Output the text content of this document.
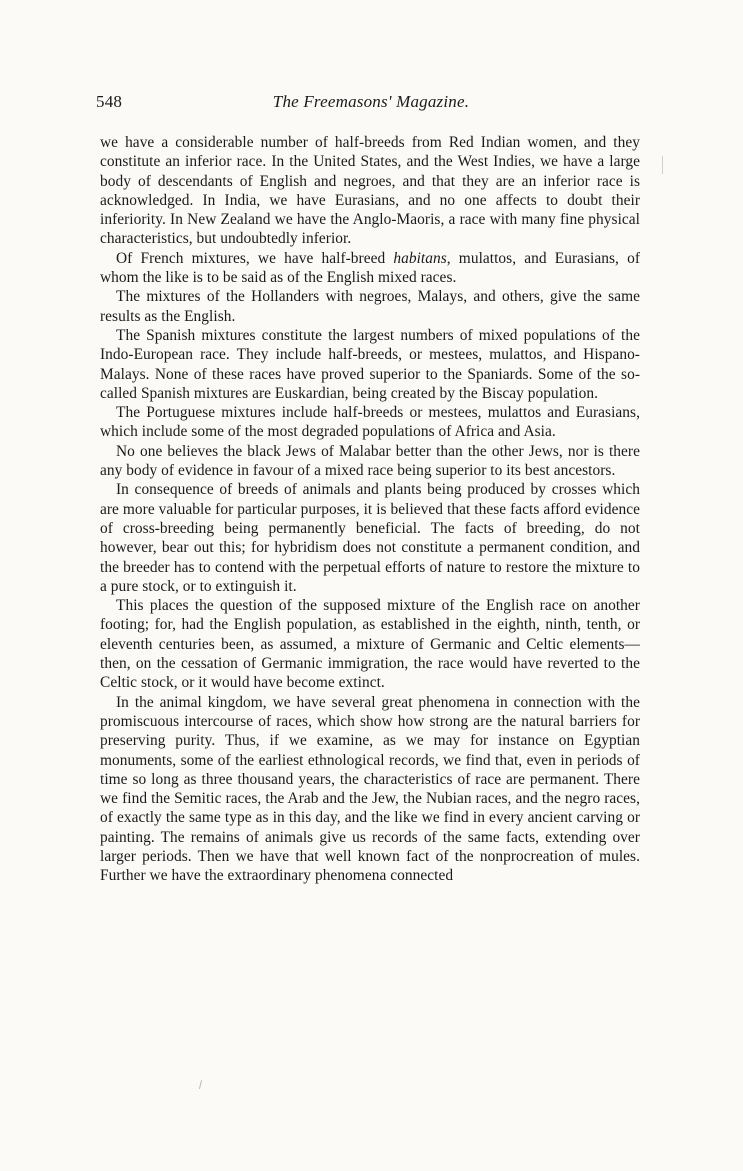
548	The Freemasons' Magazine.

we have a considerable number of half-breeds from Red Indian women, and they constitute an inferior race. In the United States, and the West Indies, we have a large body of descendants of English and negroes, and that they are an inferior race is acknowledged. In India, we have Eurasians, and no one affects to doubt their inferiority. In New Zealand we have the Anglo-Maoris, a race with many fine physical characteristics, but undoubtedly inferior.

Of French mixtures, we have half-breed habitans, mulattos, and Eurasians, of whom the like is to be said as of the English mixed races.

The mixtures of the Hollanders with negroes, Malays, and others, give the same results as the English.

The Spanish mixtures constitute the largest numbers of mixed populations of the Indo-European race. They include half-breeds, or mestees, mulattos, and Hispano-Malays. None of these races have proved superior to the Spaniards. Some of the so-called Spanish mixtures are Euskardian, being created by the Biscay population.

The Portuguese mixtures include half-breeds or mestees, mulattos and Eurasians, which include some of the most degraded populations of Africa and Asia.

No one believes the black Jews of Malabar better than the other Jews, nor is there any body of evidence in favour of a mixed race being superior to its best ancestors.

In consequence of breeds of animals and plants being produced by crosses which are more valuable for particular purposes, it is believed that these facts afford evidence of cross-breeding being permanently beneficial. The facts of breeding, do not however, bear out this; for hybridism does not constitute a permanent condition, and the breeder has to contend with the perpetual efforts of nature to restore the mixture to a pure stock, or to extinguish it.

This places the question of the supposed mixture of the English race on another footing; for, had the English population, as established in the eighth, ninth, tenth, or eleventh centuries been, as assumed, a mixture of Germanic and Celtic elements—then, on the cessation of Germanic immigration, the race would have reverted to the Celtic stock, or it would have become extinct.

In the animal kingdom, we have several great phenomena in connection with the promiscuous intercourse of races, which show how strong are the natural barriers for preserving purity. Thus, if we examine, as we may for instance on Egyptian monuments, some of the earliest ethnological records, we find that, even in periods of time so long as three thousand years, the characteristics of race are permanent. There we find the Semitic races, the Arab and the Jew, the Nubian races, and the negro races, of exactly the same type as in this day, and the like we find in every ancient carving or painting. The remains of animals give us records of the same facts, extending over larger periods. Then we have that well known fact of the nonprocreation of mules. Further we have the extraordinary phenomena connected
